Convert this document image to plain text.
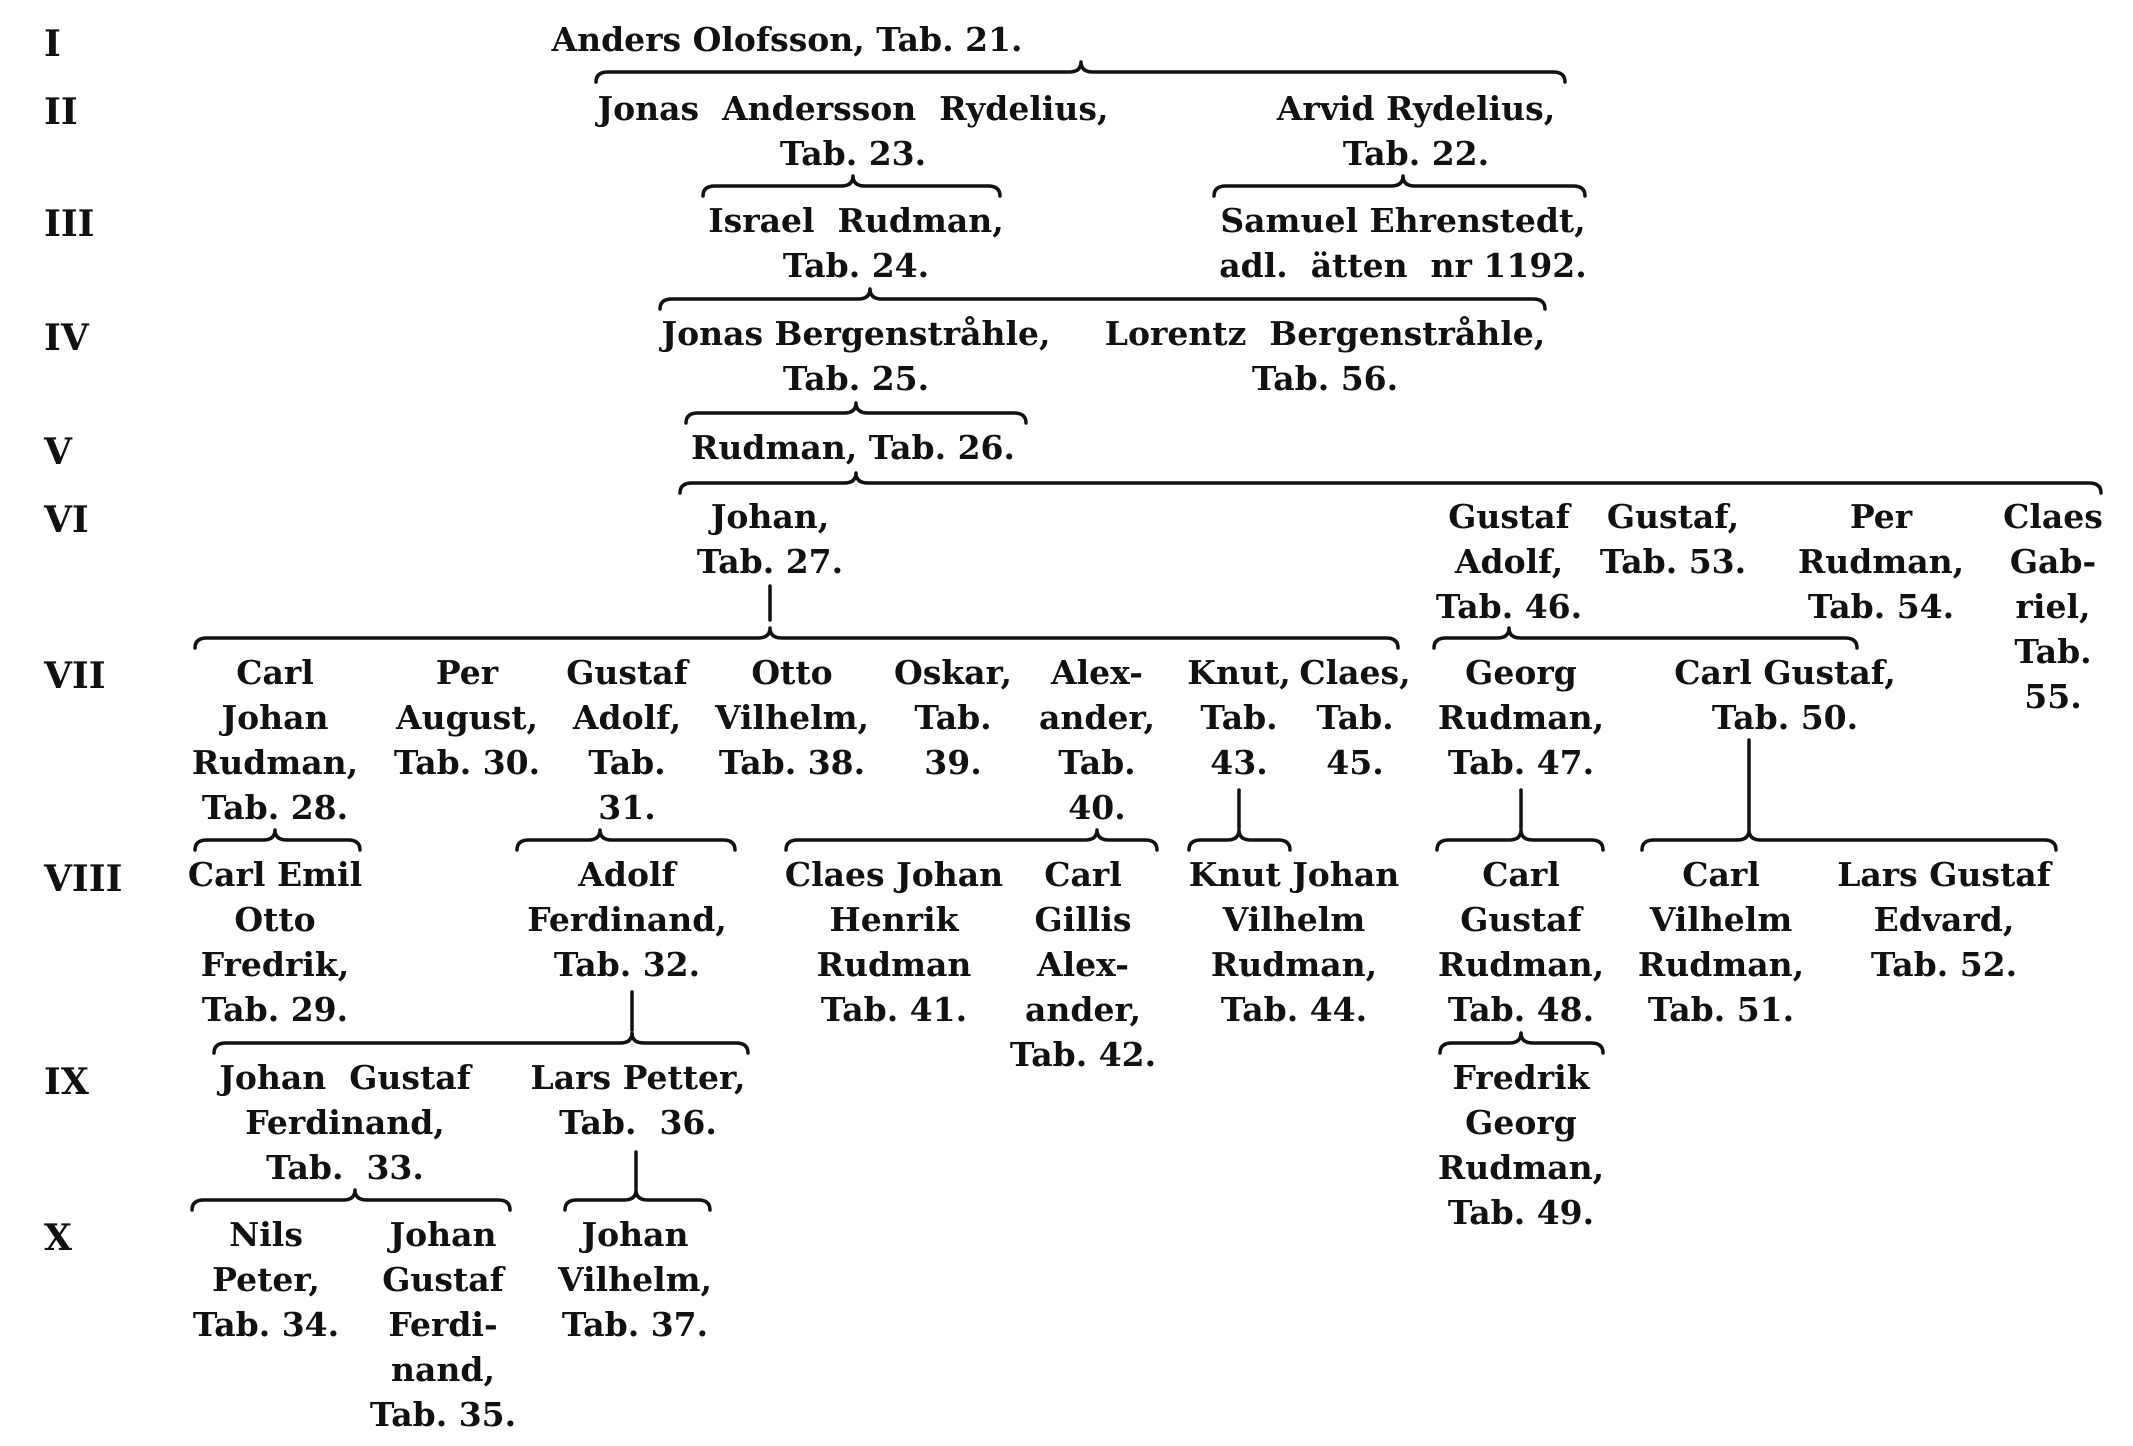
I
II
III
IV
V
VI
VII
VIII
IX
X
Anders Olofsson, Tab. 21.
Jonas  Andersson  Rydelius,
Tab. 23.
Arvid Rydelius,
Tab. 22.
Israel  Rudman,
Tab. 24.
Samuel Ehrenstedt,
adl.  ätten  nr 1192.
Jonas Bergenstråhle,
Tab. 25.
Lorentz  Bergenstråhle,
Tab. 56.
Rudman, Tab. 26.
Johan,
Tab. 27.
Gustaf
Adolf,
Tab. 46.
Gustaf,
Tab. 53.
Per
Rudman,
Tab. 54.
Claes
Gab-
riel,
Tab.
55.
Carl
Johan
Rudman,
Tab. 28.
Per
August,
Tab. 30.
Gustaf
Adolf,
Tab.
31.
Otto
Vilhelm,
Tab. 38.
Oskar,
Tab.
39.
Alex-
ander,
Tab.
40.
Knut,
Tab.
43.
Claes,
Tab.
45.
Georg
Rudman,
Tab. 47.
Carl Gustaf,
Tab. 50.
Carl Emil
Otto
Fredrik,
Tab. 29.
Adolf
Ferdinand,
Tab. 32.
Claes Johan
Henrik
Rudman
Tab. 41.
Carl
Gillis
Alex-
ander,
Tab. 42.
Knut Johan
Vilhelm
Rudman,
Tab. 44.
Carl
Gustaf
Rudman,
Tab. 48.
Carl
Vilhelm
Rudman,
Tab. 51.
Lars Gustaf
Edvard,
Tab. 52.
Johan  Gustaf
Ferdinand,
Tab.  33.
Lars Petter,
Tab.  36.
Fredrik
Georg
Rudman,
Tab. 49.
Nils
Peter,
Tab. 34.
Johan
Gustaf
Ferdi-
nand,
Tab. 35.
Johan
Vilhelm,
Tab. 37.
